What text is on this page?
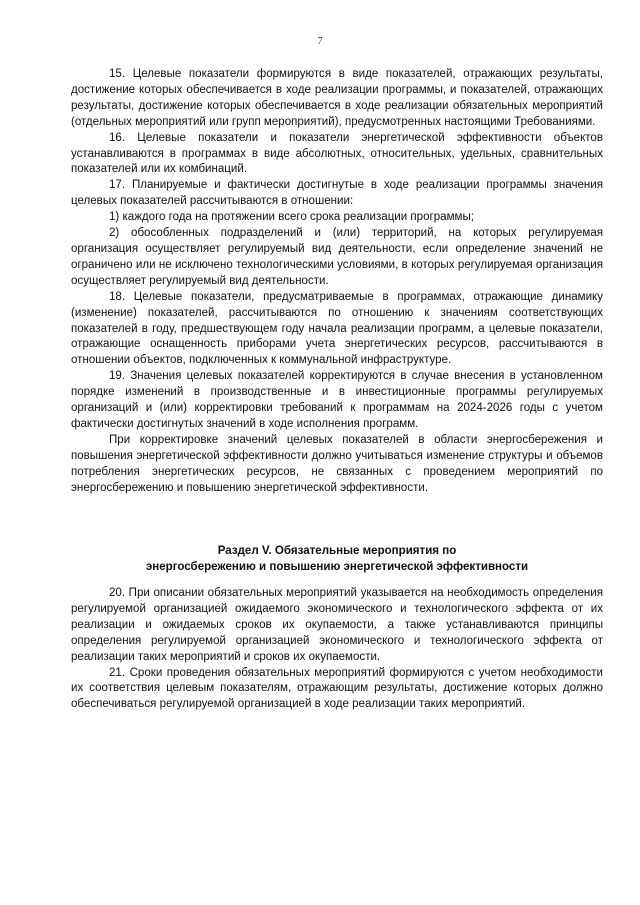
7

15. Целевые показатели формируются в виде показателей, отражающих результаты, достижение которых обеспечивается в ходе реализации программы, и показателей, отражающих результаты, достижение которых обеспечивается в ходе реализации обязательных мероприятий (отдельных мероприятий или групп мероприятий), предусмотренных настоящими Требованиями.

16. Целевые показатели и показатели энергетической эффективности объектов устанавливаются в программах в виде абсолютных, относительных, удельных, сравнительных показателей или их комбинаций.

17. Планируемые и фактически достигнутые в ходе реализации программы значения целевых показателей рассчитываются в отношении:

1) каждого года на протяжении всего срока реализации программы;

2) обособленных подразделений и (или) территорий, на которых регулируемая организация осуществляет регулируемый вид деятельности, если определение значений не ограничено или не исключено технологическими условиями, в которых регулируемая организация осуществляет регулируемый вид деятельности.

18. Целевые показатели, предусматриваемые в программах, отражающие динамику (изменение) показателей, рассчитываются по отношению к значениям соответствующих показателей в году, предшествующем году начала реализации программ, а целевые показатели, отражающие оснащенность приборами учета энергетических ресурсов, рассчитываются в отношении объектов, подключенных к коммунальной инфраструктуре.

19. Значения целевых показателей корректируются в случае внесения в установленном порядке изменений в производственные и в инвестиционные программы регулируемых организаций и (или) корректировки требований к программам на 2024-2026 годы с учетом фактически достигнутых значений в ходе исполнения программ.

При корректировке значений целевых показателей в области энергосбережения и повышения энергетической эффективности должно учитываться изменение структуры и объемов потребления энергетических ресурсов, не связанных с проведением мероприятий по энергосбережению и повышению энергетической эффективности.

Раздел V. Обязательные мероприятия по
энергосбережению и повышению энергетической эффективности

20. При описании обязательных мероприятий указывается на необходимость определения регулируемой организацией ожидаемого экономического и технологического эффекта от их реализации и ожидаемых сроков их окупаемости, а также устанавливаются принципы определения регулируемой организацией экономического и технологического эффекта от реализации таких мероприятий и сроков их окупаемости.

21. Сроки проведения обязательных мероприятий формируются с учетом необходимости их соответствия целевым показателям, отражающим результаты, достижение которых должно обеспечиваться регулируемой организацией в ходе реализации таких мероприятий.
